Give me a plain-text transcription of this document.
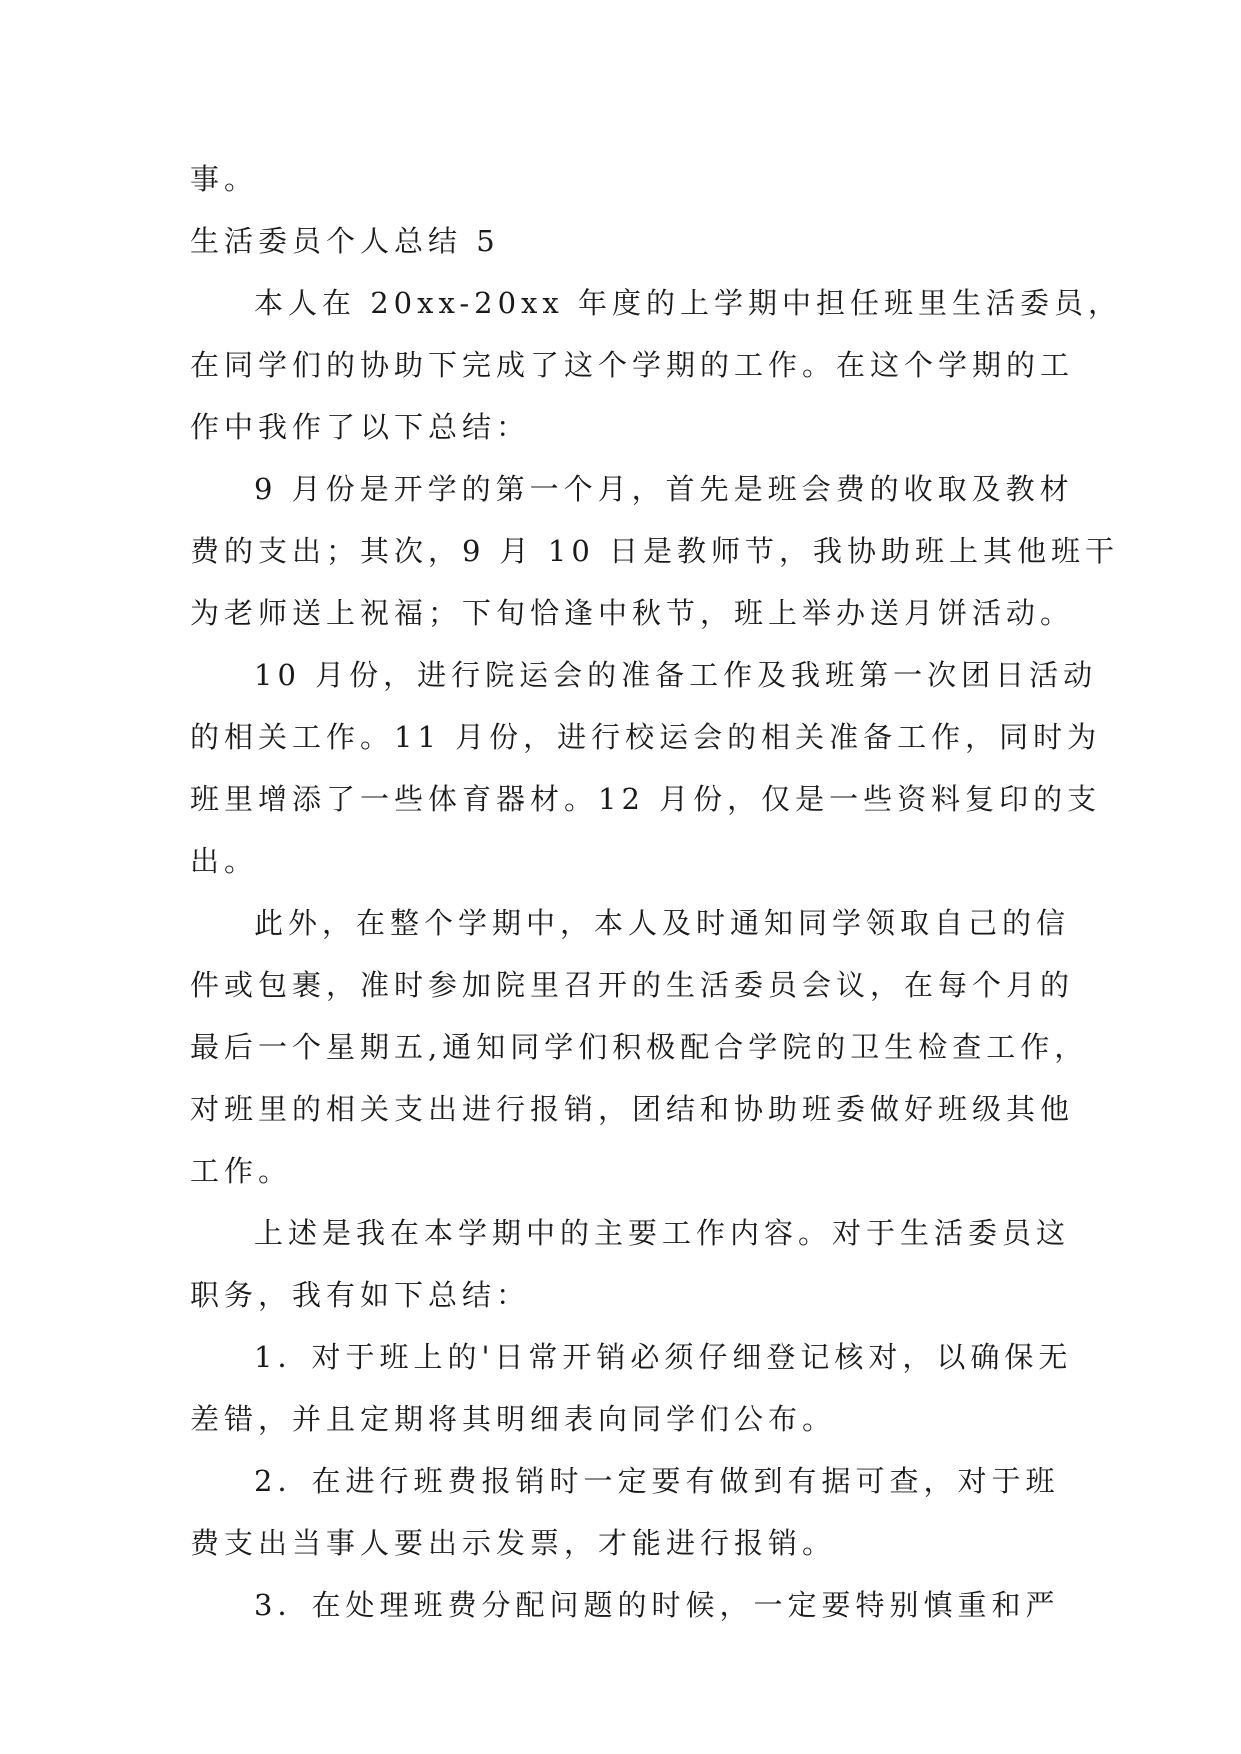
事。
生活委员个人总结 5
本人在 20xx-20xx 年度的上学期中担任班里生活委员，
在同学们的协助下完成了这个学期的工作。在这个学期的工
作中我作了以下总结：
9 月份是开学的第一个月，首先是班会费的收取及教材
费的支出；其次，9 月 10 日是教师节，我协助班上其他班干
为老师送上祝福；下旬恰逢中秋节，班上举办送月饼活动。
10 月份，进行院运会的准备工作及我班第一次团日活动
的相关工作。11 月份，进行校运会的相关准备工作，同时为
班里增添了一些体育器材。12 月份，仅是一些资料复印的支
出。
此外，在整个学期中，本人及时通知同学领取自己的信
件或包裹，准时参加院里召开的生活委员会议，在每个月的
最后一个星期五,通知同学们积极配合学院的卫生检查工作，
对班里的相关支出进行报销，团结和协助班委做好班级其他
工作。
上述是我在本学期中的主要工作内容。对于生活委员这
职务，我有如下总结：
1．对于班上的'日常开销必须仔细登记核对，以确保无
差错，并且定期将其明细表向同学们公布。
2．在进行班费报销时一定要有做到有据可查，对于班
费支出当事人要出示发票，才能进行报销。
3．在处理班费分配问题的时候，一定要特别慎重和严
